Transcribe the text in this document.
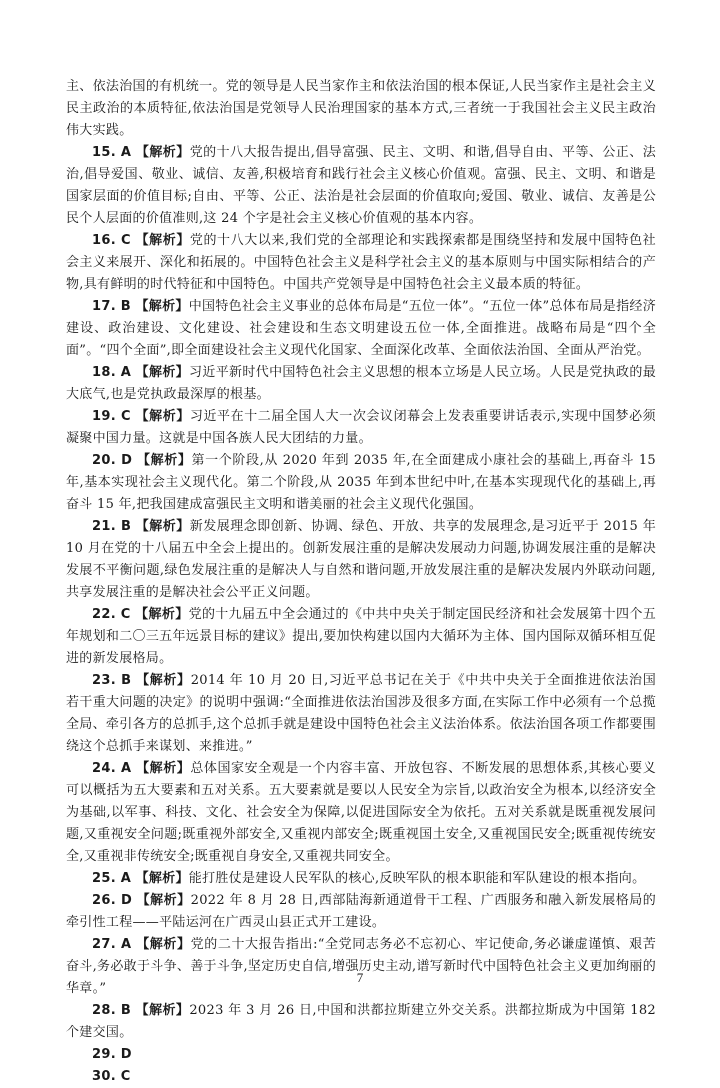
主、依法治国的有机统一。党的领导是人民当家作主和依法治国的根本保证,人民当家作主是社会主义民主政治的本质特征,依法治国是党领导人民治理国家的基本方式,三者统一于我国社会主义民主政治伟大实践。

15. A 【解析】党的十八大报告提出,倡导富强、民主、文明、和谐,倡导自由、平等、公正、法治,倡导爱国、敬业、诚信、友善,积极培育和践行社会主义核心价值观。富强、民主、文明、和谐是国家层面的价值目标;自由、平等、公正、法治是社会层面的价值取向;爱国、敬业、诚信、友善是公民个人层面的价值准则,这 24 个字是社会主义核心价值观的基本内容。

16. C 【解析】党的十八大以来,我们党的全部理论和实践探索都是围绕坚持和发展中国特色社会主义来展开、深化和拓展的。中国特色社会主义是科学社会主义的基本原则与中国实际相结合的产物,具有鲜明的时代特征和中国特色。中国共产党领导是中国特色社会主义最本质的特征。

17. B 【解析】中国特色社会主义事业的总体布局是“五位一体”。“五位一体”总体布局是指经济建设、政治建设、文化建设、社会建设和生态文明建设五位一体,全面推进。战略布局是“四个全面”。“四个全面”,即全面建设社会主义现代化国家、全面深化改革、全面依法治国、全面从严治党。

18. A 【解析】习近平新时代中国特色社会主义思想的根本立场是人民立场。人民是党执政的最大底气,也是党执政最深厚的根基。

19. C 【解析】习近平在十二届全国人大一次会议闭幕会上发表重要讲话表示,实现中国梦必须凝聚中国力量。这就是中国各族人民大团结的力量。

20. D 【解析】第一个阶段,从 2020 年到 2035 年,在全面建成小康社会的基础上,再奋斗 15 年,基本实现社会主义现代化。第二个阶段,从 2035 年到本世纪中叶,在基本实现现代化的基础上,再奋斗 15 年,把我国建成富强民主文明和谐美丽的社会主义现代化强国。

21. B 【解析】新发展理念即创新、协调、绿色、开放、共享的发展理念,是习近平于 2015 年 10 月在党的十八届五中全会上提出的。创新发展注重的是解决发展动力问题,协调发展注重的是解决发展不平衡问题,绿色发展注重的是解决人与自然和谐问题,开放发展注重的是解决发展内外联动问题,共享发展注重的是解决社会公平正义问题。

22. C 【解析】党的十九届五中全会通过的《中共中央关于制定国民经济和社会发展第十四个五年规划和二〇三五年远景目标的建议》提出,要加快构建以国内大循环为主体、国内国际双循环相互促进的新发展格局。

23. B 【解析】2014 年 10 月 20 日,习近平总书记在关于《中共中央关于全面推进依法治国若干重大问题的决定》的说明中强调:“全面推进依法治国涉及很多方面,在实际工作中必须有一个总揽全局、牵引各方的总抓手,这个总抓手就是建设中国特色社会主义法治体系。依法治国各项工作都要围绕这个总抓手来谋划、来推进。”

24. A 【解析】总体国家安全观是一个内容丰富、开放包容、不断发展的思想体系,其核心要义可以概括为五大要素和五对关系。五大要素就是要以人民安全为宗旨,以政治安全为根本,以经济安全为基础,以军事、科技、文化、社会安全为保障,以促进国际安全为依托。五对关系就是既重视发展问题,又重视安全问题;既重视外部安全,又重视内部安全;既重视国土安全,又重视国民安全;既重视传统安全,又重视非传统安全;既重视自身安全,又重视共同安全。

25. A 【解析】能打胜仗是建设人民军队的核心,反映军队的根本职能和军队建设的根本指向。

26. D 【解析】2022 年 8 月 28 日,西部陆海新通道骨干工程、广西服务和融入新发展格局的牵引性工程——平陆运河在广西灵山县正式开工建设。

27. A 【解析】党的二十大报告指出:“全党同志务必不忘初心、牢记使命,务必谦虚谨慎、艰苦奋斗,务必敢于斗争、善于斗争,坚定历史自信,增强历史主动,谱写新时代中国特色社会主义更加绚丽的华章。”

28. B 【解析】2023 年 3 月 26 日,中国和洪都拉斯建立外交关系。洪都拉斯成为中国第 182 个建交国。

29. D

30. C

7
